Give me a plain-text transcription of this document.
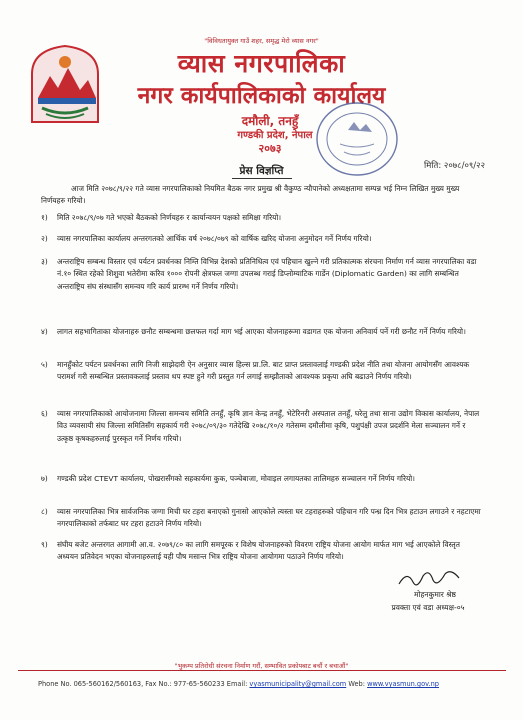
"विविधतायुक्त गाउँ शहर, समृद्ध मेरो व्यास नगर"
व्यास नगरपालिका
नगर कार्यपालिकाको कार्यालय
दमौली, तनहुँ
गण्डकी प्रदेश, नेपाल
२०७३
मिति: २०७८/०९/२२
प्रेस विज्ञप्ति
आज मिति २०७८/९/२२ गते व्यास नगरपालिकाको नियमित बैठक नगर प्रमुख श्री वैकुण्ठ न्यौपानेको अध्यक्षतामा सम्पन्न भई निम्न लिखित मुख्य मुख्य निर्णयहरु गरियो।
१)	मिति २०७८/९/०७ गते भएको बैठकको निर्णयहरु र कार्यान्वयन पक्षको समिक्षा गरियो।
२)	व्यास नगरपालिका कार्यालय अन्तरगतको आर्थिक वर्ष २०७८/०७९ को वार्षिक खरिद योजना अनुमोदन गर्ने निर्णय गरियो।
३)	अन्तराष्ट्रिय सम्बन्ध विस्तार एवं पर्यटन प्रवर्धनका निम्ति विभिन्न देशको प्रतिनिधित्व एवं पहिचान खुल्ने गरी प्रतिकात्मक संरचना निर्माण गर्न व्यास नगरपालिका वडा नं.१० स्थित रहेको शिशुवा भतेरीमा करिव १००० रोपनी क्षेत्रफल जग्गा उपलब्ध गराई डिप्लोम्याटिक गार्डेन (Diplomatic Garden) का लागि सम्बन्धित अन्तराष्ट्रिय संघ संस्थासँग समन्वय गरि कार्य प्रारम्भ गर्ने निर्णय गरियो।
४)	लागत सहभागिताका योजनाहरु छनौट सम्बन्धमा छलफल गर्दा माग भई आएका योजनाहरूमा वडागत एक योजना अनिवार्य पर्ने गरी छनौट गर्ने निर्णय गरियो।
५)	मानहुँकोट पर्यटन प्रवर्धनका लागि निजी साझेदारी ऐन अनुसार व्यास हिल्स प्रा.लि. बाट प्राप्त प्रस्तावलाई गण्डकी प्रदेश नीति तथा योजना आयोगसँग आवश्यक परामर्श गरी सम्बन्धित प्रस्तावकलाई प्रस्ताव थप स्पष्ट हुने गरी प्रस्तुत गर्न लगाई सम्झौताको आवश्यक प्रकृया अघि बढाउने निर्णय गरियो।
६)	व्यास नगरपालिकाको आयोजनामा जिल्ला समन्वय समिति तनहुँ, कृषि ज्ञान केन्द्र तनहुँ, भेटेरिनरी अस्पताल तनहुँ, घरेलु तथा साना उद्योग विकास कार्यालय, नेपाल विउ व्यवसायी संघ जिल्ला समितिसँग सहकार्य गरी २०७८/०९/३० गतेदेखि २०७८/१०/२ गतेसम्म दमौलीमा कृषि, पशुपंक्षी उपज प्रदर्शनि मेला सञ्चालन गर्ने र उत्कृष्ठ कृषकहरुलाई पुरस्कृत गर्ने निर्णय गरियो।
७)	गण्डकी प्रदेश CTEVT कार्यालय, पोखरासँगको सहकार्यमा कुक, पञ्चेबाजा, मोवाइल लगायतका तालिमहरु सञ्चालन गर्ने निर्णय गरियो।
८)	व्यास नगरपालिका भित्र सार्वजनिक जग्गा मिची घर टहरा बनाएको गुनासो आएकोले त्यस्ता घर टहराहरुको पहिचान गरि पन्ध्र दिन भित्र हटाउन लगाउने र नहटाएमा नगरपालिकाको तर्फबाट घर टहरा हटाउने निर्णय गरियो।
९)	संघीय बजेट अन्तरगत आगामी आ.व. २०७९/८० का लागि समपूरक र विशेष योजनाहरुको विवरण राष्ट्रिय योजना आयोग मार्फत माग भई आएकोले विस्तृत अध्ययन प्रतिवेदन भएका योजनाहरुलाई यही पौष मसान्त भित्र राष्ट्रिय योजना आयोगमा पठाउने निर्णय गरियो।
मोहनकुमार श्रेष्ठ
प्रवक्ता एवं वडा अध्यक्ष-०५
"भुकम्प प्रतिरोधी संरचना निर्माण गरौं, सम्भावित प्रकोपबाट बचौं र बचाऔं"
Phone No. 065-560162/560163, Fax No.: 977-65-560233 Email: vyasmunicipality@gmail.com Web: www.vyasmun.gov.np
